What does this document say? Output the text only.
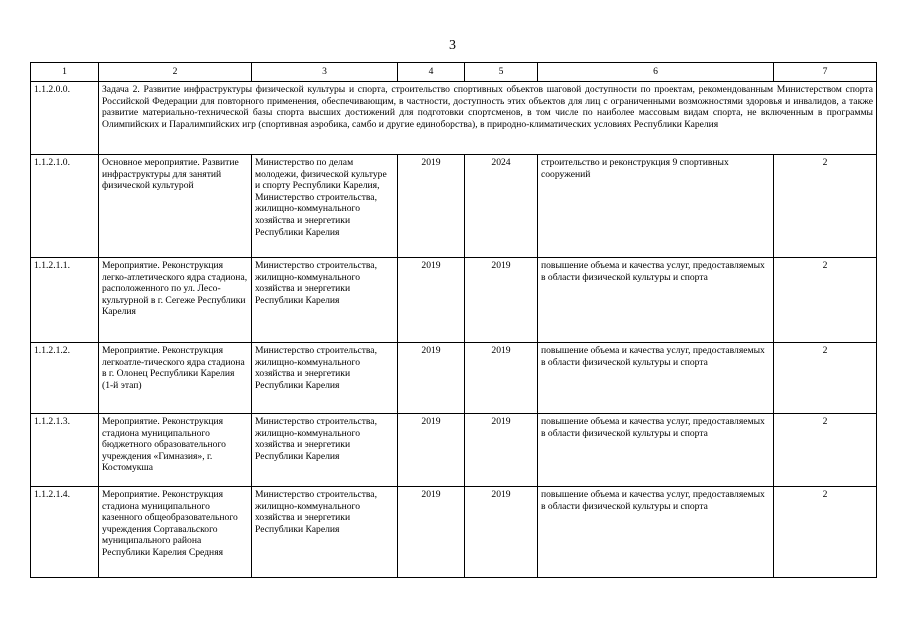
3
1	2	3	4	5	6	7
1.1.2.0.0.	Задача 2. Развитие инфраструктуры физической культуры и спорта, строительство спортивных объектов шаговой доступности по проектам, рекомендованным Министерством спорта Российской Федерации для повторного применения, обеспечивающим, в частности, доступность этих объектов для лиц с ограниченными возможностями здоровья и инвалидов, а также развитие материально-технической базы спорта высших достижений для подготовки спортсменов, в том числе по наиболее массовым видам спорта, не включенным в программы Олимпийских и Паралимпийских игр (спортивная аэробика, самбо и другие единоборства), в природно-климатических условиях Республики Карелия					
1.1.2.1.0.	Основное мероприятие. Развитие инфраструктуры для занятий физической культурой	Министерство по делам молодежи, физической культуре и спорту Республики Карелия, Министерство строительства, жилищно-коммунального хозяйства и энергетики Республики Карелия	2019	2024	строительство и реконструкция 9 спортивных сооружений	2
1.1.2.1.1.	Мероприятие. Реконструкция легко-атлетического ядра стадиона, расположенного по ул. Лесо-культурной в г. Сегеже Республики Карелия	Министерство строительства, жилищно-коммунального хозяйства и энергетики Республики Карелия	2019	2019	повышение объема и качества услуг, предоставляемых в области физической культуры и спорта	2
1.1.2.1.2.	Мероприятие. Реконструкция легкоатле-тического ядра стадиона в г. Олонец Республики Карелия (1-й этап)	Министерство строительства, жилищно-коммунального хозяйства и энергетики Республики Карелия	2019	2019	повышение объема и качества услуг, предоставляемых в области физической культуры и спорта	2
1.1.2.1.3.	Мероприятие. Реконструкция стадиона муниципального бюджетного образовательного учреждения «Гимназия», г. Костомукша	Министерство строительства, жилищно-коммунального хозяйства и энергетики Республики Карелия	2019	2019	повышение объема и качества услуг, предоставляемых в области физической культуры и спорта	2
1.1.2.1.4.	Мероприятие. Реконструкция стадиона муниципального казенного общеобразовательного учреждения Сортавальского муниципального района Республики Карелия Средняя	Министерство строительства, жилищно-коммунального хозяйства и энергетики Республики Карелия	2019	2019	повышение объема и качества услуг, предоставляемых в области физической культуры и спорта	2
